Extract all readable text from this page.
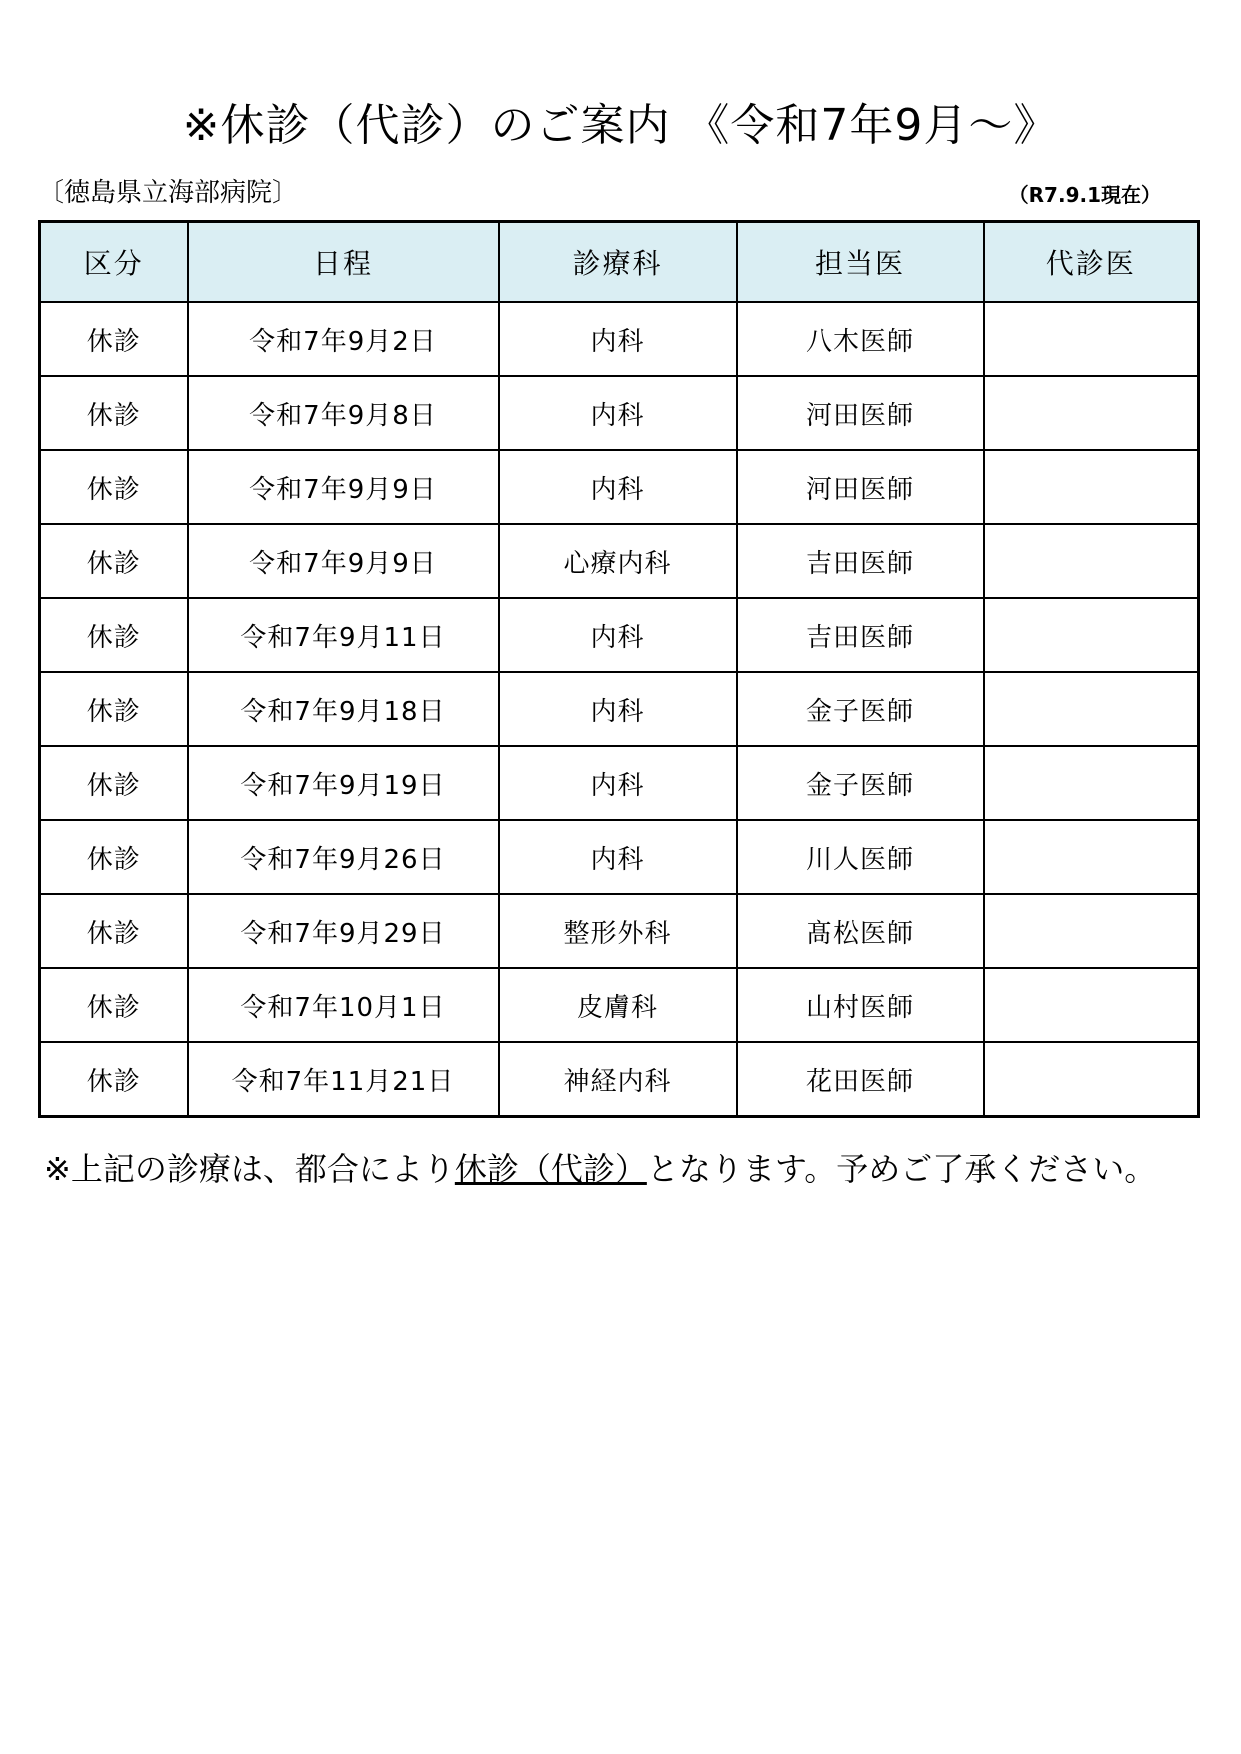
※休診（代診）のご案内 《令和7年9月～》
〔徳島県立海部病院〕	（R7.9.1現在）
区分	日程	診療科	担当医	代診医
休診	令和7年9月2日	内科	八木医師	
休診	令和7年9月8日	内科	河田医師	
休診	令和7年9月9日	内科	河田医師	
休診	令和7年9月9日	心療内科	吉田医師	
休診	令和7年9月11日	内科	吉田医師	
休診	令和7年9月18日	内科	金子医師	
休診	令和7年9月19日	内科	金子医師	
休診	令和7年9月26日	内科	川人医師	
休診	令和7年9月29日	整形外科	髙松医師	
休診	令和7年10月1日	皮膚科	山村医師	
休診	令和7年11月21日	神経内科	花田医師	
※上記の診療は、都合により休診（代診）となります。予めご了承ください。
